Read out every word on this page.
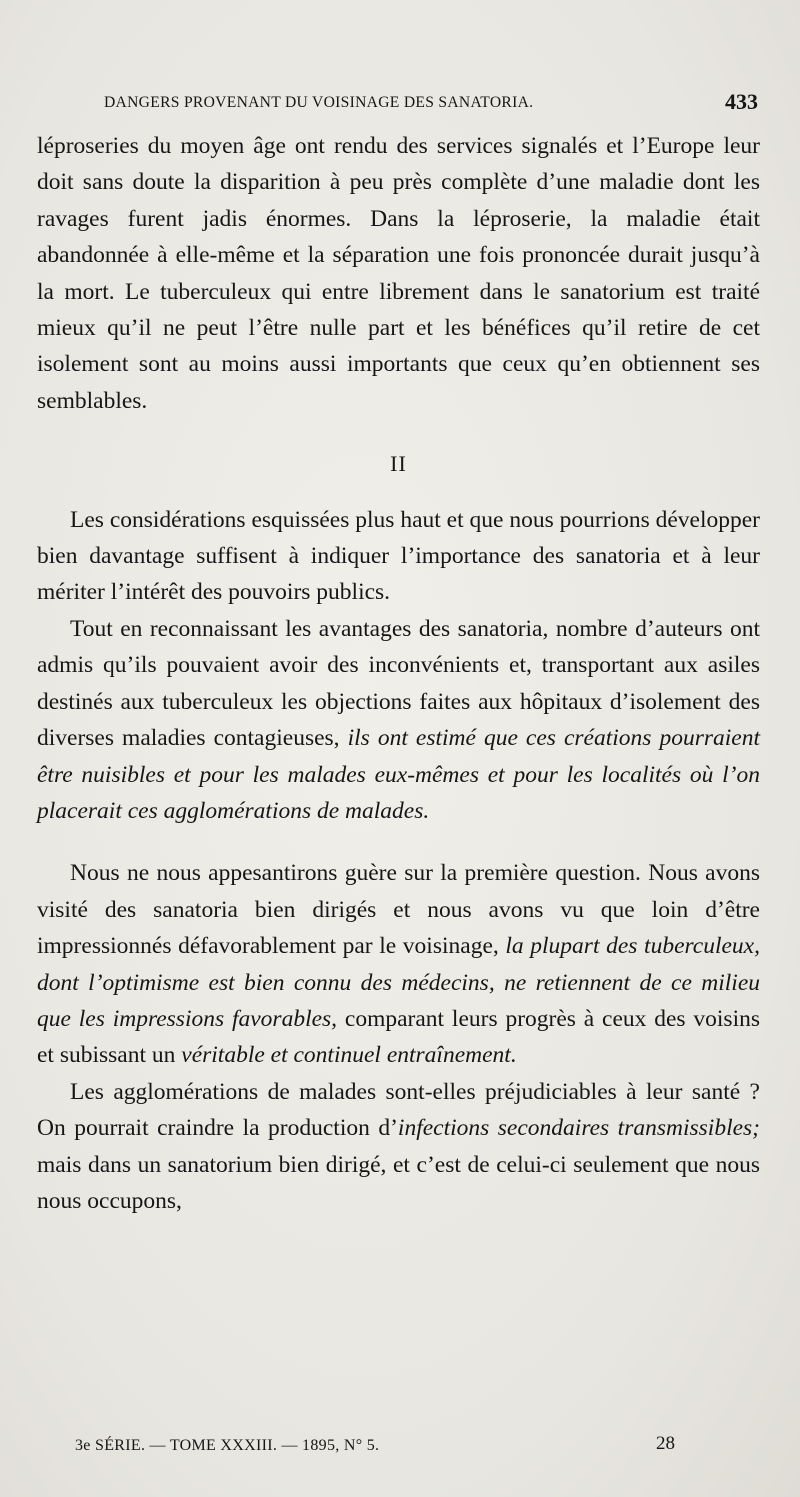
DANGERS PROVENANT DU VOISINAGE DES SANATORIA.	433

léproseries du moyen âge ont rendu des services signalés et l’Europe leur doit sans doute la disparition à peu près complète d’une maladie dont les ravages furent jadis énormes. Dans la léproserie, la maladie était abandonnée à elle-même et la séparation une fois prononcée durait jusqu’à la mort. Le tuberculeux qui entre librement dans le sanatorium est traité mieux qu’il ne peut l’être nulle part et les bénéfices qu’il retire de cet isolement sont au moins aussi importants que ceux qu’en obtiennent ses semblables.

II

Les considérations esquissées plus haut et que nous pourrions développer bien davantage suffisent à indiquer l’importance des sanatoria et à leur mériter l’intérêt des pouvoirs publics.

Tout en reconnaissant les avantages des sanatoria, nombre d’auteurs ont admis qu’ils pouvaient avoir des inconvénients et, transportant aux asiles destinés aux tuberculeux les objections faites aux hôpitaux d’isolement des diverses maladies contagieuses, ils ont estimé que ces créations pourraient être nuisibles et pour les malades eux-mêmes et pour les localités où l’on placerait ces agglomérations de malades.

Nous ne nous appesantirons guère sur la première question. Nous avons visité des sanatoria bien dirigés et nous avons vu que loin d’être impressionnés défavorablement par le voisinage, la plupart des tuberculeux, dont l’optimisme est bien connu des médecins, ne retiennent de ce milieu que les impressions favorables, comparant leurs progrès à ceux des voisins et subissant un véritable et continuel entraînement.

Les agglomérations de malades sont-elles préjudiciables à leur santé ? On pourrait craindre la production d’infections secondaires transmissibles; mais dans un sanatorium bien dirigé, et c’est de celui-ci seulement que nous nous occupons,

3e SÉRIE. — TOME XXXIII. — 1895, N° 5.	28
